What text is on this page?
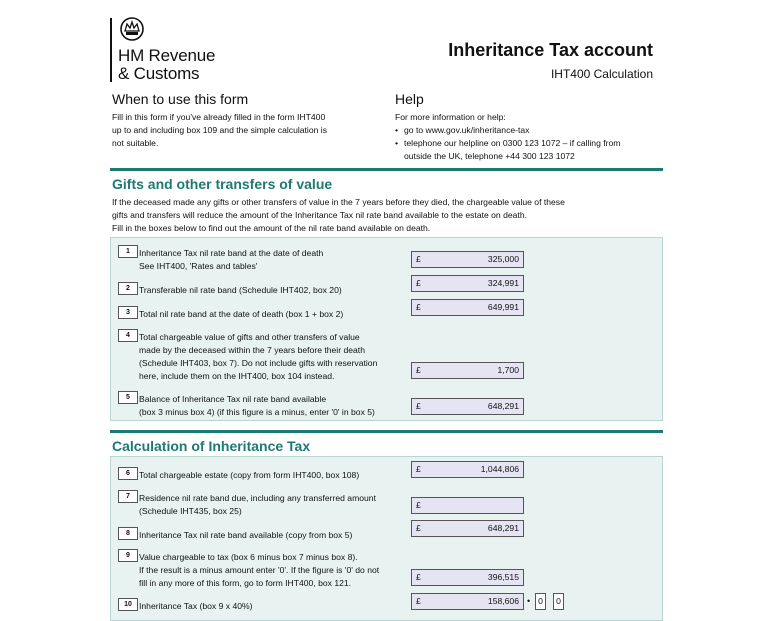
HM Revenue
& Customs
Inheritance Tax account
IHT400 Calculation
When to use this form
Fill in this form if you've already filled in the form IHT400
up to and including box 109 and the simple calculation is
not suitable.
Help
For more information or help:
• go to www.gov.uk/inheritance-tax
• telephone our helpline on 0300 123 1072 – if calling from
outside the UK, telephone +44 300 123 1072
Gifts and other transfers of value
If the deceased made any gifts or other transfers of value in the 7 years before they died, the chargeable value of these
gifts and transfers will reduce the amount of the Inheritance Tax nil rate band available to the estate on death.
Fill in the boxes below to find out the amount of the nil rate band available on death.
1	Inheritance Tax nil rate band at the date of death
See IHT400, 'Rates and tables'
£	325,000
2	Transferable nil rate band (Schedule IHT402, box 20)
£	324,991
3	Total nil rate band at the date of death (box 1 + box 2)
£	649,991
4	Total chargeable value of gifts and other transfers of value
made by the deceased within the 7 years before their death
(Schedule IHT403, box 7). Do not include gifts with reservation
here, include them on the IHT400, box 104 instead.
£	1,700
5	Balance of Inheritance Tax nil rate band available
(box 3 minus box 4) (if this figure is a minus, enter '0' in box 5)
£	648,291
Calculation of Inheritance Tax
6	Total chargeable estate (copy from form IHT400, box 108)
£	1,044,806
7	Residence nil rate band due, including any transferred amount
(Schedule IHT435, box 25)
£
8	Inheritance Tax nil rate band available (copy from box 5)
£	648,291
9	Value chargeable to tax (box 6 minus box 7 minus box 8).
If the result is a minus amount enter '0'. If the figure is '0' do not
fill in any more of this form, go to form IHT400, box 121.
£	396,515
10 Inheritance Tax (box 9 x 40%)	£	158,606 • 0	0
